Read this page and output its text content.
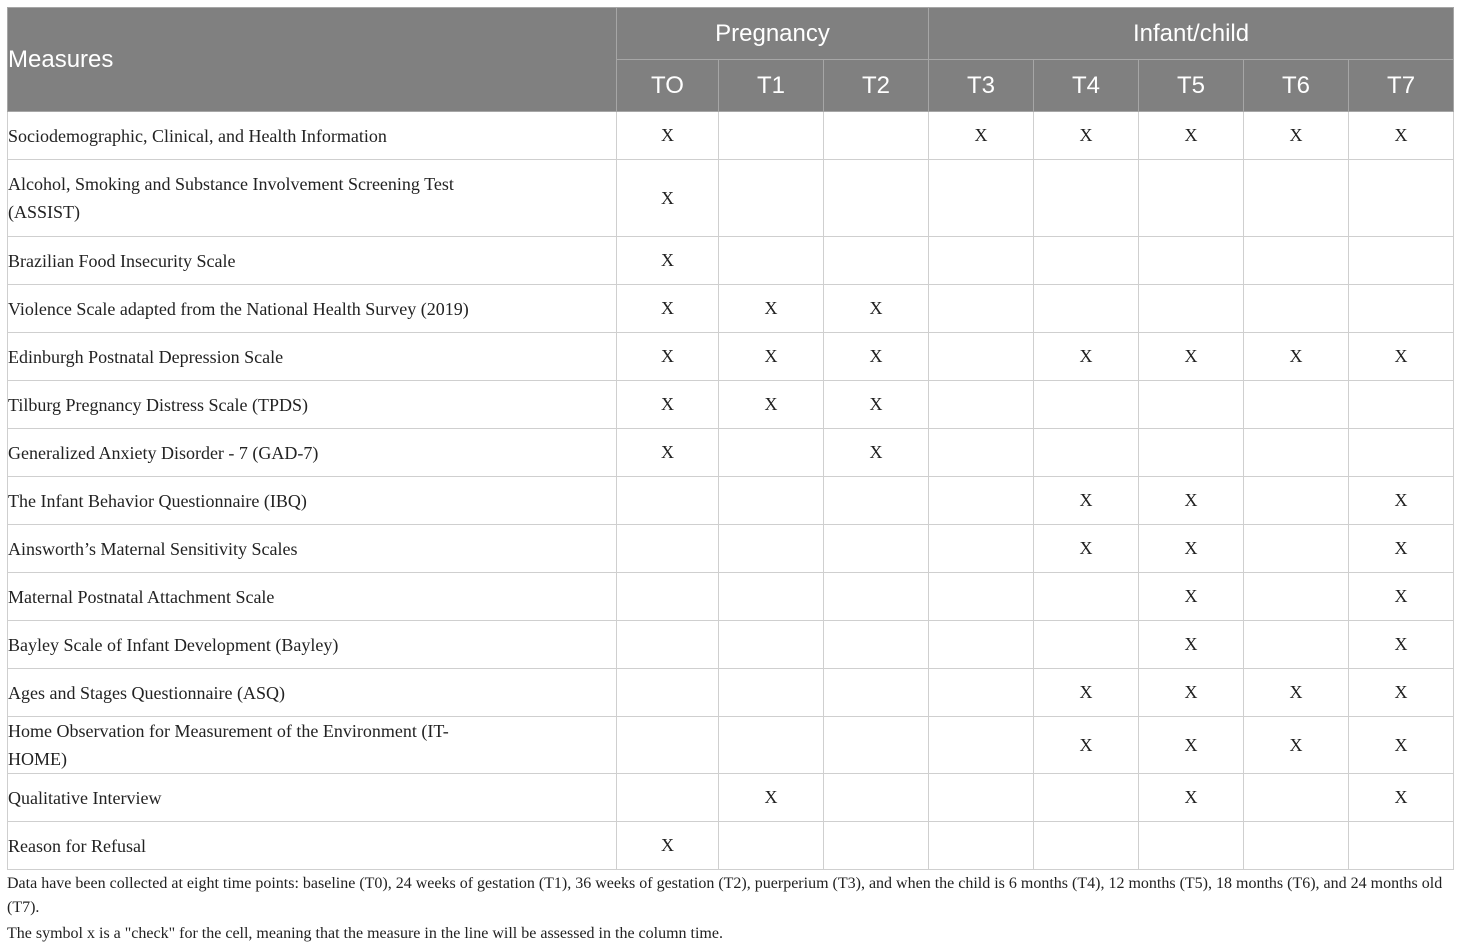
Measures	Pregnancy			Infant/child				
	TO	T1	T2	T3	T4	T5	T6	T7
Sociodemographic, Clinical, and Health Information	X			X	X	X	X	X
Alcohol, Smoking and Substance Involvement Screening Test (ASSIST)	X							
Brazilian Food Insecurity Scale	X							
Violence Scale adapted from the National Health Survey (2019)	X	X	X					
Edinburgh Postnatal Depression Scale	X	X	X		X	X	X	X
Tilburg Pregnancy Distress Scale (TPDS)	X	X	X					
Generalized Anxiety Disorder - 7 (GAD-7)	X		X					
The Infant Behavior Questionnaire (IBQ)					X	X		X
Ainsworth’s Maternal Sensitivity Scales					X	X		X
Maternal Postnatal Attachment Scale						X		X
Bayley Scale of Infant Development (Bayley)						X		X
Ages and Stages Questionnaire (ASQ)					X	X	X	X
Home Observation for Measurement of the Environment (IT-HOME)					X	X	X	X
Qualitative Interview		X				X		X
Reason for Refusal	X							
Data have been collected at eight time points: baseline (T0), 24 weeks of gestation (T1), 36 weeks of gestation (T2), puerperium (T3), and when the child is 6 months (T4), 12 months (T5), 18 months (T6), and 24 months old (T7).
The symbol x is a "check" for the cell, meaning that the measure in the line will be assessed in the column time.
